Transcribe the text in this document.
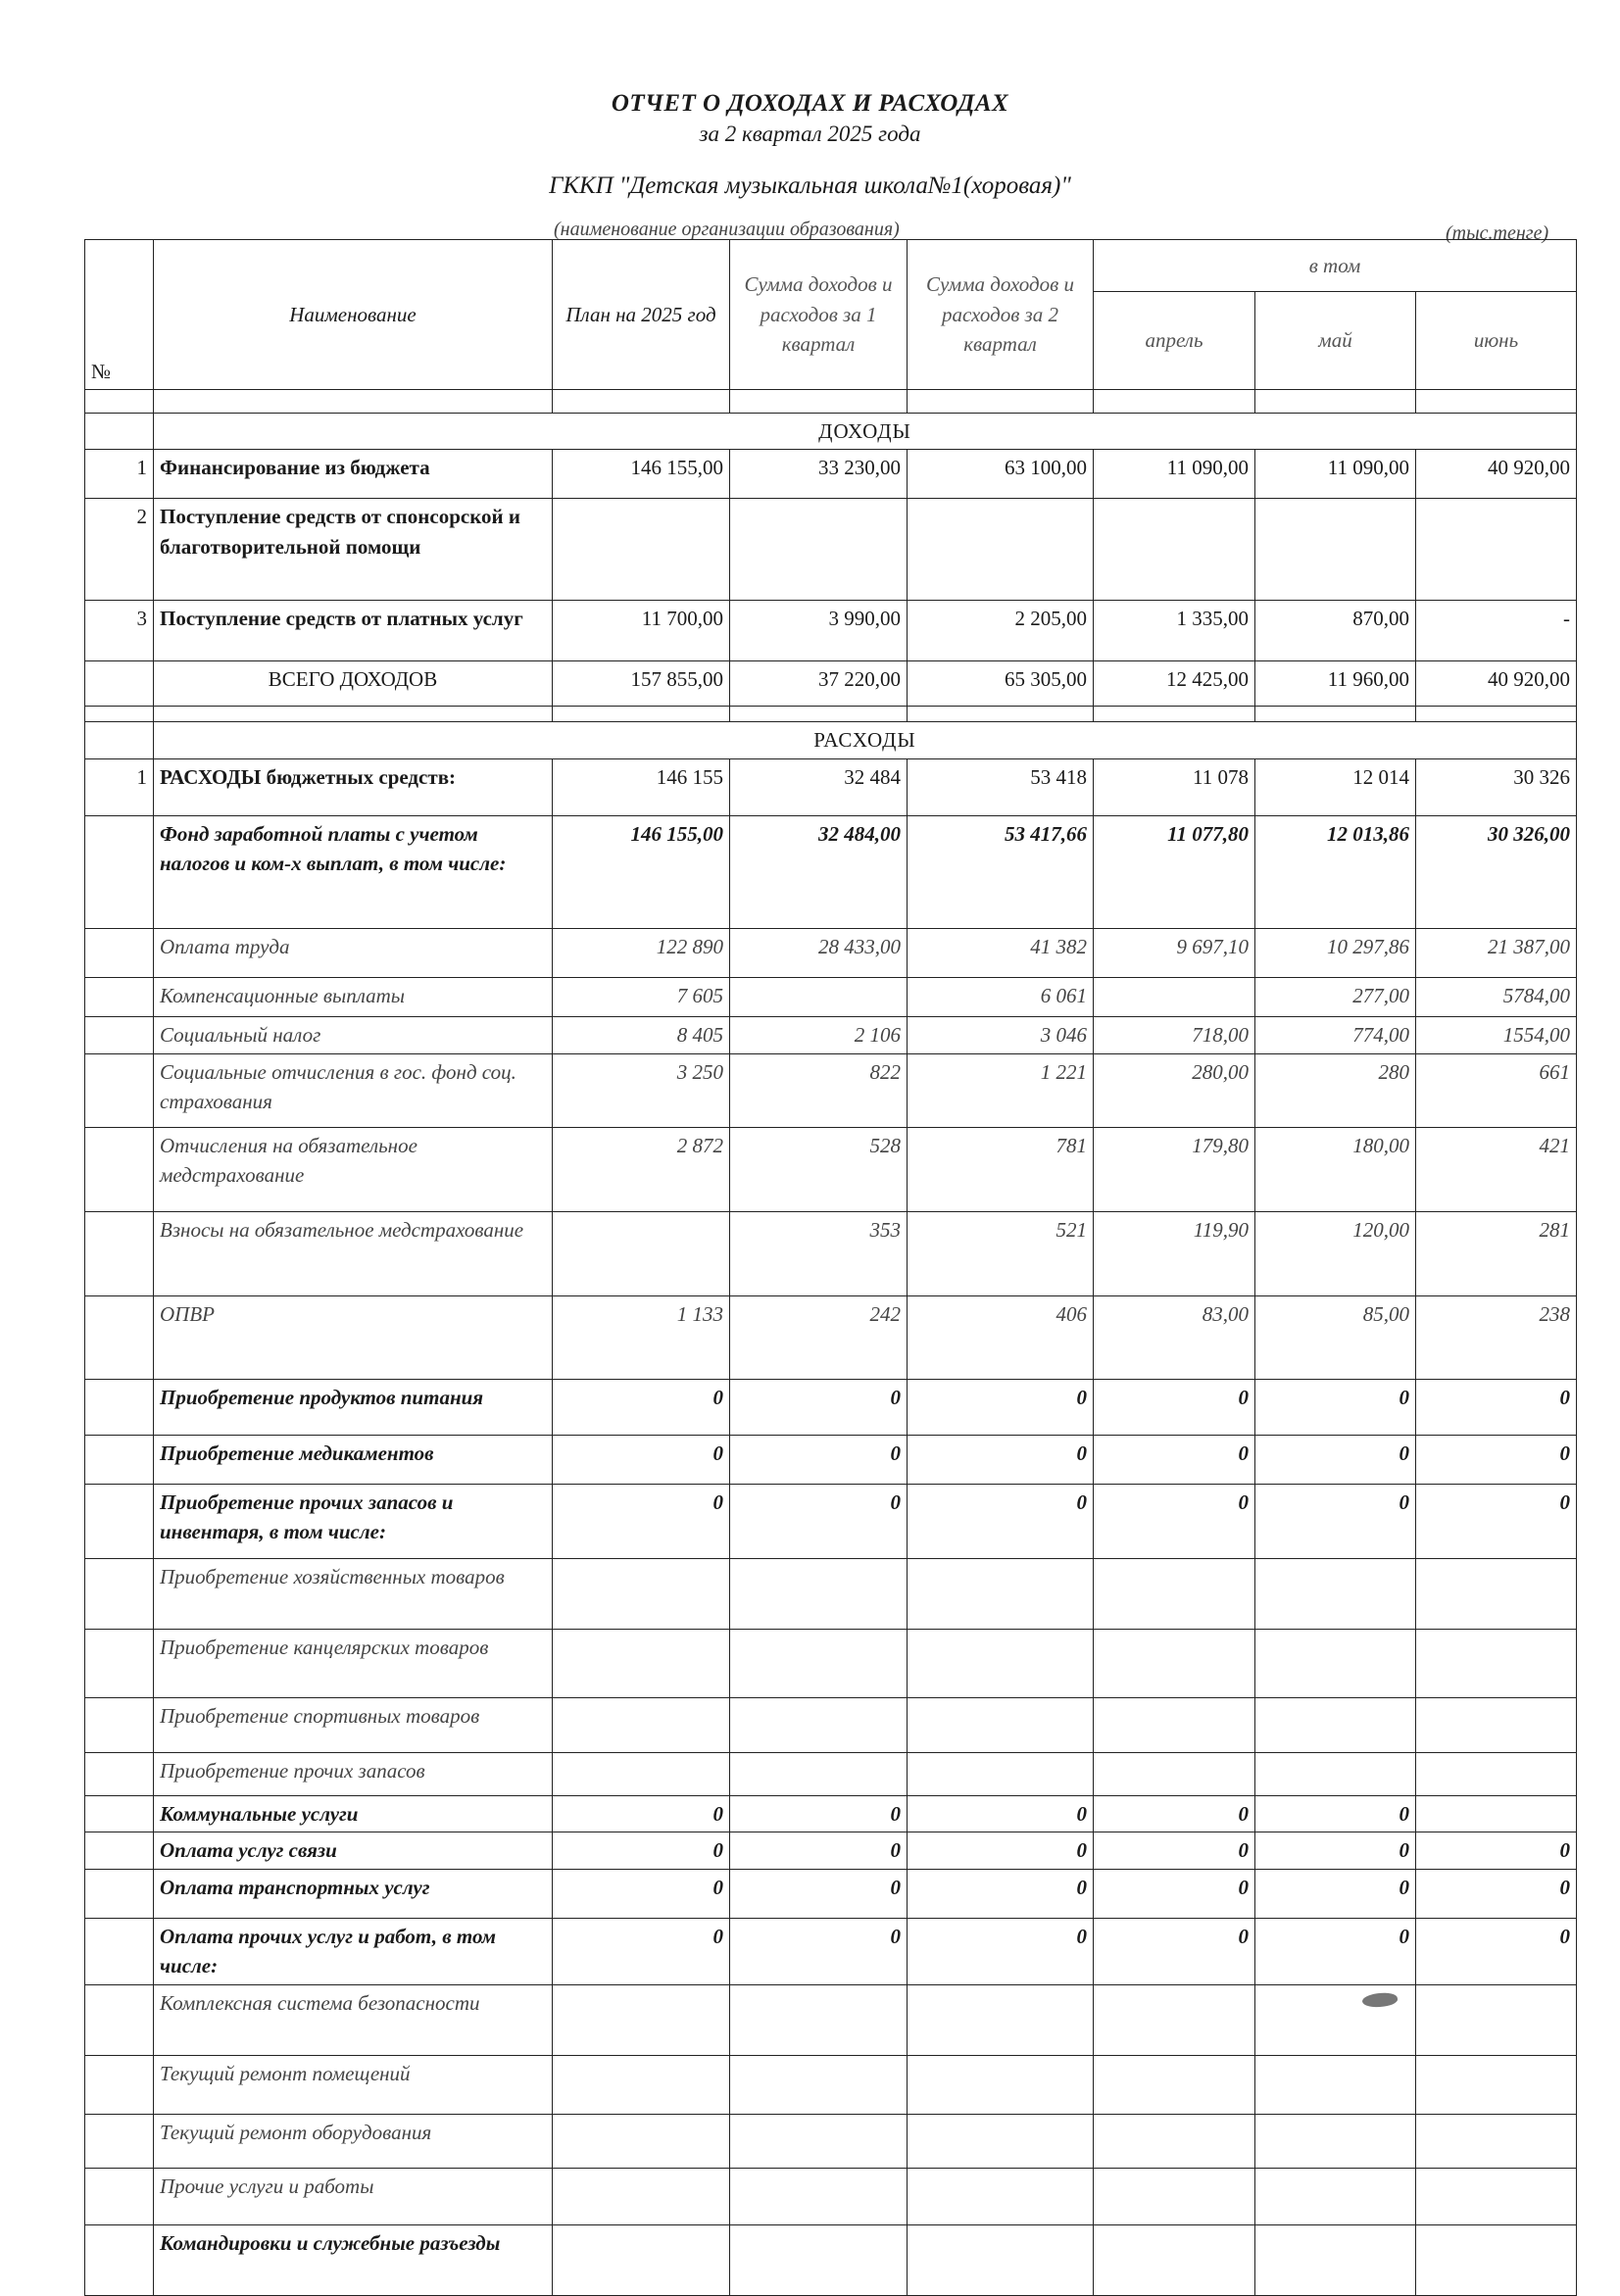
ОТЧЕТ О ДОХОДАХ И РАСХОДАХ
за 2 квартал 2025 года
ГККП "Детская музыкальная школа№1(хоровая)"
(наименование организации образования)	(тыс.тенге)
№	Наименование	План на 2025 год	Сумма доходов и расходов за 1 квартал	Сумма доходов и расходов за 2 квартал	в том		
					апрель	май	июнь

	ДОХОДЫ						
1	Финансирование из бюджета	146 155,00	33 230,00	63 100,00	11 090,00	11 090,00	40 920,00
2	Поступление средств от спонсорской и благотворительной помощи						
3	Поступление средств от платных услуг	11 700,00	3 990,00	2 205,00	1 335,00	870,00	-
	ВСЕГО ДОХОДОВ	157 855,00	37 220,00	65 305,00	12 425,00	11 960,00	40 920,00

	РАСХОДЫ						
1	РАСХОДЫ бюджетных средств:	146 155	32 484	53 418	11 078	12 014	30 326
	Фонд заработной платы с учетом налогов и ком-х выплат, в том числе:	146 155,00	32 484,00	53 417,66	11 077,80	12 013,86	30 326,00
	Оплата труда	122 890	28 433,00	41 382	9 697,10	10 297,86	21 387,00
	Компенсационные выплаты	7 605		6 061		277,00	5784,00
	Социальный налог	8 405	2 106	3 046	718,00	774,00	1554,00
	Социальные отчисления в гос. фонд соц. страхования	3 250	822	1 221	280,00	280	661
	Отчисления на обязательное медстрахование	2 872	528	781	179,80	180,00	421
	Взносы на обязательное медстрахование		353	521	119,90	120,00	281
	ОПВР	1 133	242	406	83,00	85,00	238
	Приобретение продуктов питания	0	0	0	0	0	0
	Приобретение медикаментов	0	0	0	0	0	0
	Приобретение прочих запасов и инвентаря, в том числе:	0	0	0	0	0	0
	Приобретение хозяйственных товаров						
	Приобретение канцелярских товаров						
	Приобретение спортивных товаров						
	Приобретение прочих запасов						
	Коммунальные услуги	0	0	0	0	0	
	Оплата услуг связи	0	0	0	0	0	0
	Оплата транспортных услуг	0	0	0	0	0	0
	Оплата прочих услуг и работ, в том числе:	0	0	0	0	0	0
	Комплексная система безопасности						
	Текущий ремонт помещений						
	Текущий ремонт оборудования						
	Прочие услуги и работы						
	Командировки и служебные разъезды						
